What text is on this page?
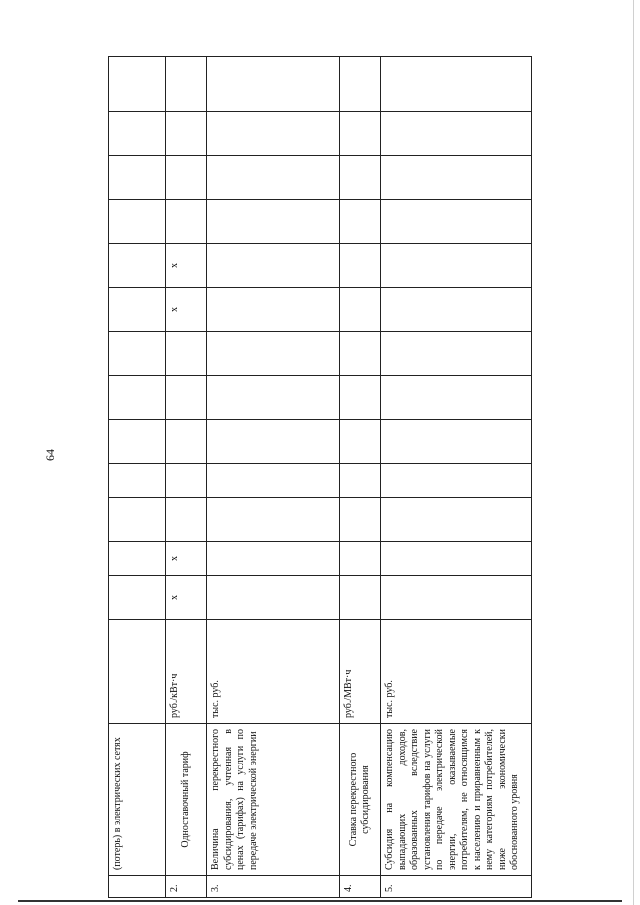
64
	(потерь) в электрических сетях														
2.	Одноставочный тариф	руб./кВт·ч	x	x						x	x				
3.	Величина перекрестного субсидирования, учтенная в ценах (тарифах) на услуги по передаче электрической энергии	тыс. руб.													
4.	Ставка перекрестного субсидирования	руб./МВт·ч													
5.	Субсидия на компенсацию выпадающих доходов, образованных вследствие установления тарифов на услуги по передаче электрической энергии, оказываемые потребителям, не относящимся к населению и приравненным к нему категориям потребителей, ниже экономически обоснованного уровня	тыс. руб.													
